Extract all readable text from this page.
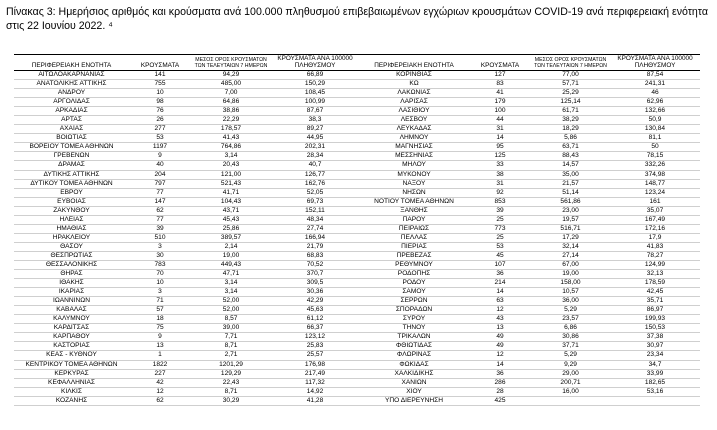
Πίνακας 3: Ημερήσιος αριθμός και κρούσματα ανά 100.000 πληθυσμού επιβεβαιωμένων εγχώριων κρουσμάτων COVID-19 ανά περιφερειακή ενότητα στις 22 Ιουνίου 2022. ⁴
ΠΕΡΙΦΕΡΕΙΑΚΗ ΕΝΟΤΗΤΑ	ΚΡΟΥΣΜΑΤΑ	ΜΕΣΟΣ ΟΡΟΣ ΚΡΟΥΣΜΑΤΩΝ ΤΩΝ ΤΕΛΕΥΤΑΙΩΝ 7 ΗΜΕΡΩΝ	ΚΡΟΥΣΜΑΤΑ ΑΝΑ 100000 ΠΛΗΘΥΣΜΟΥ	ΠΕΡΙΦΕΡΕΙΑΚΗ ΕΝΟΤΗΤΑ	ΚΡΟΥΣΜΑΤΑ	ΜΕΣΟΣ ΟΡΟΣ ΚΡΟΥΣΜΑΤΩΝ ΤΩΝ ΤΕΛΕΥΤΑΙΩΝ 7 ΗΜΕΡΩΝ	ΚΡΟΥΣΜΑΤΑ ΑΝΑ 100000 ΠΛΗΘΥΣΜΟΥ
ΑΙΤΩΛΟΑΚΑΡΝΑΝΙΑΣ	141	94,29	66,89	ΚΟΡΙΝΘΙΑΣ	127	77,00	87,54
ΑΝΑΤΟΛΙΚΗΣ ΑΤΤΙΚΗΣ	755	485,00	150,29	ΚΩ	83	57,71	241,31
ΑΝΔΡΟΥ	10	7,00	108,45	ΛΑΚΩΝΙΑΣ	41	25,29	46
ΑΡΓΟΛΙΔΑΣ	98	64,86	100,99	ΛΑΡΙΣΑΣ	179	125,14	62,96
ΑΡΚΑΔΙΑΣ	76	38,86	87,67	ΛΑΣΙΘΙΟΥ	100	61,71	132,66
ΑΡΤΑΣ	26	22,29	38,3	ΛΕΣΒΟΥ	44	38,29	50,9
ΑΧΑΪΑΣ	277	178,57	89,27	ΛΕΥΚΑΔΑΣ	31	18,29	130,84
ΒΟΙΩΤΙΑΣ	53	41,43	44,95	ΛΗΜΝΟΥ	14	5,86	81,1
ΒΟΡΕΙΟΥ ΤΟΜΕΑ ΑΘΗΝΩΝ	1197	764,86	202,31	ΜΑΓΝΗΣΙΑΣ	95	63,71	50
ΓΡΕΒΕΝΩΝ	9	3,14	28,34	ΜΕΣΣΗΝΙΑΣ	125	88,43	78,15
ΔΡΑΜΑΣ	40	20,43	40,7	ΜΗΛΟΥ	33	14,57	332,26
ΔΥΤΙΚΗΣ ΑΤΤΙΚΗΣ	204	121,00	126,77	ΜΥΚΟΝΟΥ	38	35,00	374,98
ΔΥΤΙΚΟΥ ΤΟΜΕΑ ΑΘΗΝΩΝ	797	521,43	162,76	ΝΑΞΟΥ	31	21,57	148,77
ΕΒΡΟΥ	77	41,71	52,05	ΝΗΣΩΝ	92	51,14	123,24
ΕΥΒΟΙΑΣ	147	104,43	69,73	ΝΟΤΙΟΥ ΤΟΜΕΑ ΑΘΗΝΩΝ	853	561,86	161
ΖΑΚΥΝΘΟΥ	62	43,71	152,11	ΞΑΝΘΗΣ	39	23,00	35,07
ΗΛΕΙΑΣ	77	45,43	48,34	ΠΑΡΟΥ	25	19,57	167,49
ΗΜΑΘΙΑΣ	39	25,86	27,74	ΠΕΙΡΑΙΩΣ	773	516,71	172,16
ΗΡΑΚΛΕΙΟΥ	510	389,57	166,94	ΠΕΛΛΑΣ	25	17,29	17,9
ΘΑΣΟΥ	3	2,14	21,79	ΠΙΕΡΙΑΣ	53	32,14	41,83
ΘΕΣΠΡΩΤΙΑΣ	30	19,00	68,83	ΠΡΕΒΕΖΑΣ	45	27,14	78,27
ΘΕΣΣΑΛΟΝΙΚΗΣ	783	449,43	70,52	ΡΕΘΥΜΝΟΥ	107	67,00	124,99
ΘΗΡΑΣ	70	47,71	370,7	ΡΟΔΟΠΗΣ	36	19,00	32,13
ΙΘΑΚΗΣ	10	3,14	309,5	ΡΟΔΟΥ	214	158,00	178,59
ΙΚΑΡΙΑΣ	3	3,14	30,36	ΣΑΜΟΥ	14	10,57	42,45
ΙΩΑΝΝΙΝΩΝ	71	52,00	42,29	ΣΕΡΡΩΝ	63	36,00	35,71
ΚΑΒΑΛΑΣ	57	52,00	45,63	ΣΠΟΡΑΔΩΝ	12	5,29	86,97
ΚΑΛΥΜΝΟΥ	18	8,57	61,12	ΣΥΡΟΥ	43	23,57	199,93
ΚΑΡΔΙΤΣΑΣ	75	39,00	66,37	ΤΗΝΟΥ	13	6,86	150,53
ΚΑΡΠΑΘΟΥ	9	7,71	123,12	ΤΡΙΚΑΛΩΝ	49	30,86	37,38
ΚΑΣΤΟΡΙΑΣ	13	8,71	25,83	ΦΘΙΩΤΙΔΑΣ	49	37,71	30,97
ΚΕΑΣ - ΚΥΘΝΟΥ	1	2,71	25,57	ΦΛΩΡΙΝΑΣ	12	5,29	23,34
ΚΕΝΤΡΙΚΟΥ ΤΟΜΕΑ ΑΘΗΝΩΝ	1822	1201,29	176,98	ΦΩΚΙΔΑΣ	14	9,29	34,7
ΚΕΡΚΥΡΑΣ	227	129,29	217,49	ΧΑΛΚΙΔΙΚΗΣ	36	29,00	33,99
ΚΕΦΑΛΛΗΝΙΑΣ	42	22,43	117,32	ΧΑΝΙΩΝ	286	200,71	182,65
ΚΙΛΚΙΣ	12	8,71	14,92	ΧΙΟΥ	28	16,00	53,16
ΚΟΖΑΝΗΣ	62	30,29	41,28	ΥΠΟ ΔΙΕΡΕΥΝΗΣΗ	425		
